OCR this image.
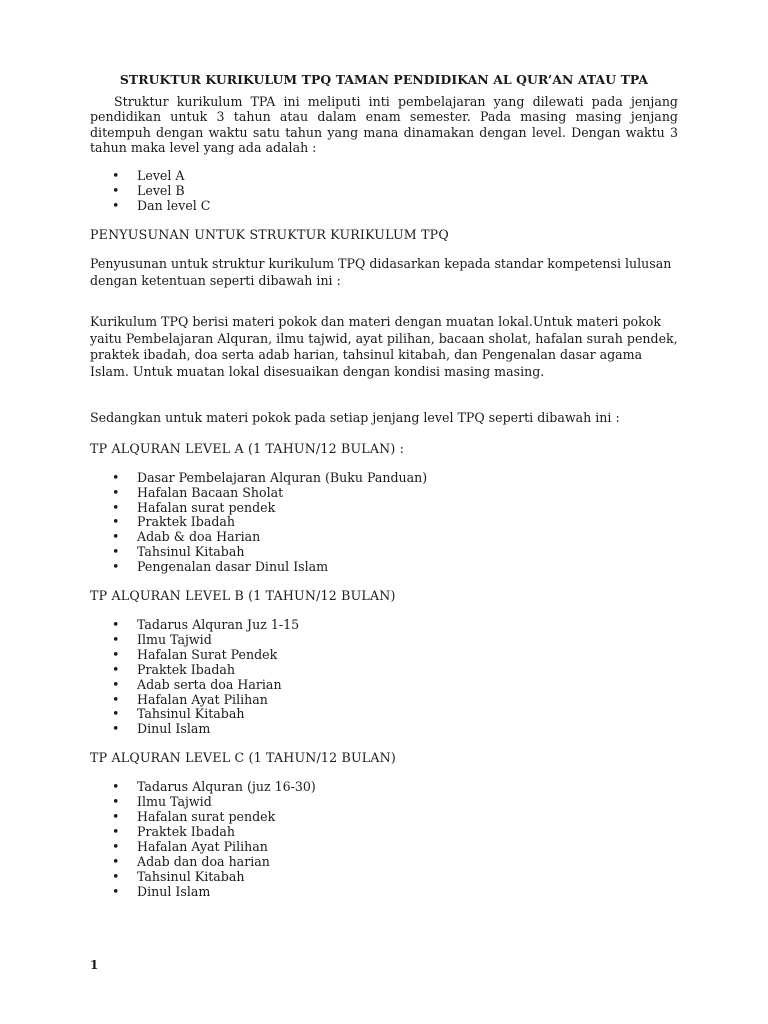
STRUKTUR KURIKULUM TPQ TAMAN PENDIDIKAN AL QUR’AN ATAU TPA

Struktur kurikulum TPA ini meliputi inti pembelajaran yang dilewati pada jenjang pendidikan untuk 3 tahun atau dalam enam semester. Pada masing masing jenjang ditempuh dengan waktu satu tahun yang mana dinamakan dengan level. Dengan waktu 3 tahun maka level yang ada adalah :

• Level A
• Level B
• Dan level C

PENYUSUNAN UNTUK STRUKTUR KURIKULUM TPQ

Penyusunan untuk struktur kurikulum TPQ didasarkan kepada standar kompetensi lulusan dengan ketentuan seperti dibawah ini :

Kurikulum TPQ berisi materi pokok dan materi dengan muatan lokal.Untuk materi pokok yaitu Pembelajaran Alquran, ilmu tajwid, ayat pilihan, bacaan sholat, hafalan surah pendek, praktek ibadah, doa serta adab harian, tahsinul kitabah, dan Pengenalan dasar agama Islam. Untuk muatan lokal disesuaikan dengan kondisi masing masing.

Sedangkan untuk materi pokok pada setiap jenjang level TPQ seperti dibawah ini :

TP ALQURAN LEVEL A (1 TAHUN/12 BULAN) :

• Dasar Pembelajaran Alquran (Buku Panduan)
• Hafalan Bacaan Sholat
• Hafalan surat pendek
• Praktek Ibadah
• Adab & doa Harian
• Tahsinul Kitabah
• Pengenalan dasar Dinul Islam

TP ALQURAN LEVEL B (1 TAHUN/12 BULAN)

• Tadarus Alquran Juz 1-15
• Ilmu Tajwid
• Hafalan Surat Pendek
• Praktek Ibadah
• Adab serta doa Harian
• Hafalan Ayat Pilihan
• Tahsinul Kitabah
• Dinul Islam

TP ALQURAN LEVEL C (1 TAHUN/12 BULAN)

• Tadarus Alquran (juz 16-30)
• Ilmu Tajwid
• Hafalan surat pendek
• Praktek Ibadah
• Hafalan Ayat Pilihan
• Adab dan doa harian
• Tahsinul Kitabah
• Dinul Islam
1
